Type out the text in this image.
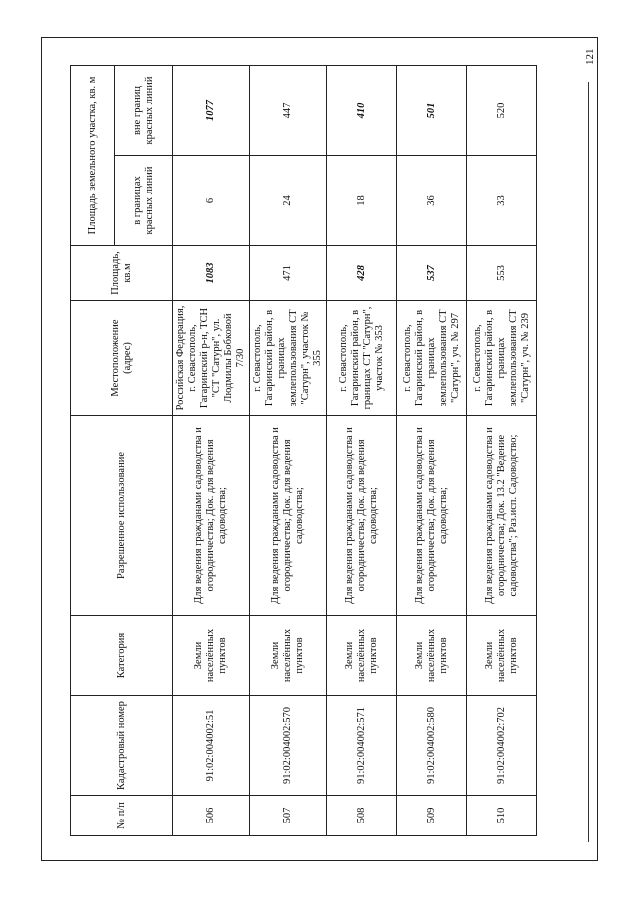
121
№ п/п	Кадастровый номер	Категория	Разрешенное использование	Местоположение (адрес)	Площадь, кв.м	Площадь земельного участка, кв. м	
						в границах красных линий	вне границ красных линий
506	91:02:004002:51	Земли населённых пунктов	Для ведения гражданами садоводства и огородничества; Док. для ведения садоводства;	Российская Федерация, г. Севастополь, Гагаринский р-н, ТСН "СТ "Сатурн", ул. Людмилы Бобковой 7/30	1083	6	1077
507	91:02:004002:570	Земли населённых пунктов	Для ведения гражданами садоводства и огородничества; Док. для ведения садоводства;	г. Севастополь, Гагаринский район, в границах землепользования СТ "Сатурн", участок № 355	471	24	447
508	91:02:004002:571	Земли населённых пунктов	Для ведения гражданами садоводства и огородничества; Док. для ведения садоводства;	г. Севастополь, Гагаринский район, в границах СТ "Сатурн", участок № 353	428	18	410
509	91:02:004002:580	Земли населённых пунктов	Для ведения гражданами садоводства и огородничества; Док. для ведения садоводства;	г. Севастополь, Гагаринский район, в границах землепользования СТ "Сатурн", уч. № 297	537	36	501
510	91:02:004002:702	Земли населённых пунктов	Для ведения гражданами садоводства и огородничества; Док. 13.2 "Ведение садоводства"; Раз.исп. Садоводство;	г. Севастополь, Гагаринский район, в границах землепользования СТ "Сатурн", уч. № 239	553	33	520
